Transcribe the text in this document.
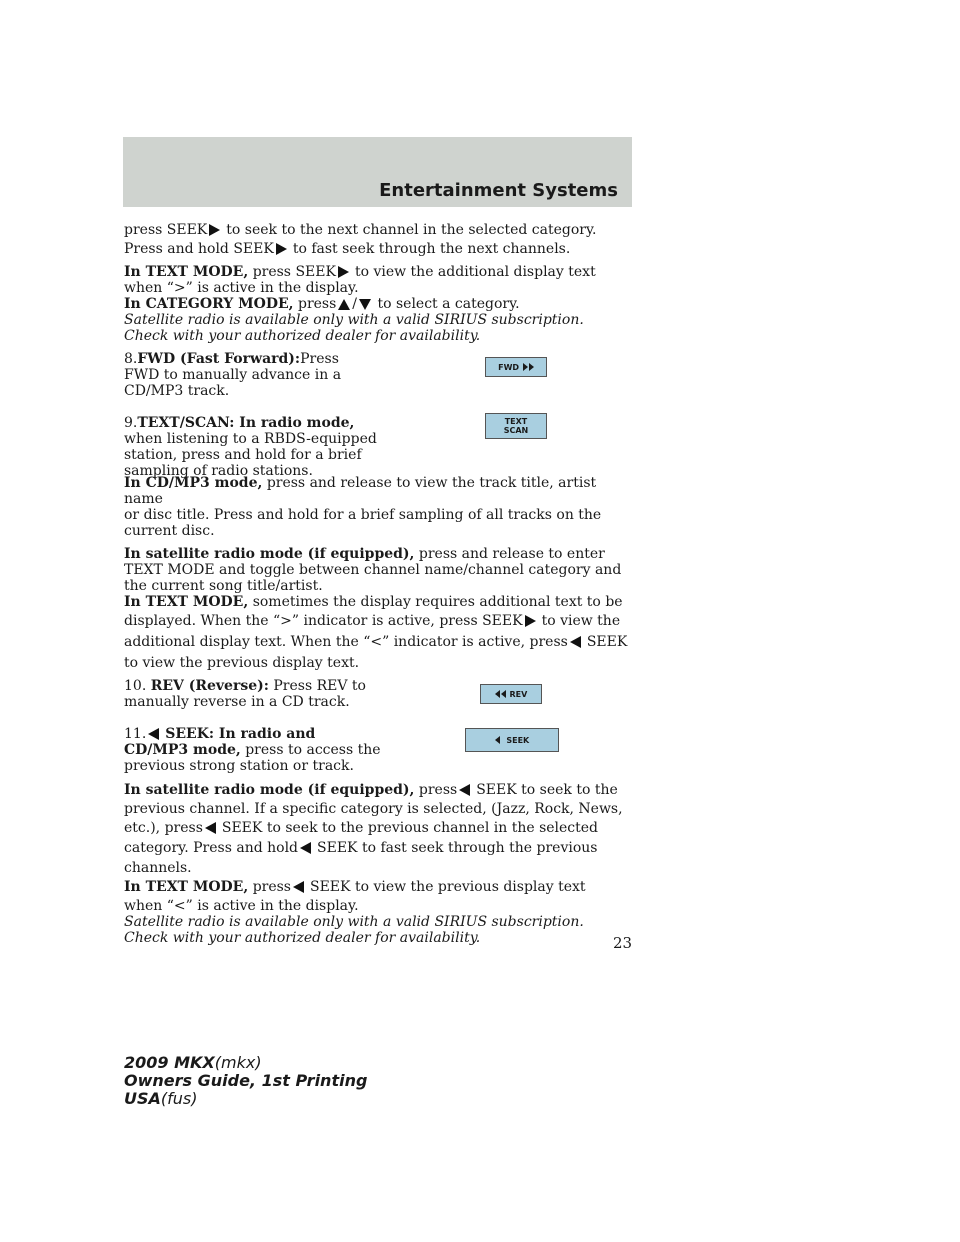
Entertainment Systems

press SEEK to seek to the next channel in the selected category.
Press and hold SEEK to fast seek through the next channels.

In TEXT MODE, press SEEK to view the additional display text
when “>” is active in the display.

In CATEGORY MODE, press / to select a category.

Satellite radio is available only with a valid SIRIUS subscription.
Check with your authorized dealer for availability.

8.FWD (Fast Forward):Press
FWD to manually advance in a
CD/MP3 track.
FWD

9.TEXT/SCAN: In radio mode,
when listening to a RBDS-equipped
station, press and hold for a brief
sampling of radio stations.
TEXT
SCAN

In CD/MP3 mode, press and release to view the track title, artist name
or disc title. Press and hold for a brief sampling of all tracks on the
current disc.

In satellite radio mode (if equipped), press and release to enter
TEXT MODE and toggle between channel name/channel category and
the current song title/artist.

In TEXT MODE, sometimes the display requires additional text to be
displayed. When the “>” indicator is active, press SEEK to view the
additional display text. When the “<” indicator is active, press SEEK
to view the previous display text.

10. REV (Reverse): Press REV to
manually reverse in a CD track.
	REV
11. SEEK: In radio and
CD/MP3 mode, press to access the
previous strong station or track.

SEEK

In satellite radio mode (if equipped), press SEEK to seek to the
previous channel. If a specific category is selected, (Jazz, Rock, News,
etc.), press SEEK to seek to the previous channel in the selected
category. Press and hold SEEK to fast seek through the previous
channels.

In TEXT MODE, press SEEK to view the previous display text
when “<” is active in the display.

Satellite radio is available only with a valid SIRIUS subscription.
Check with your authorized dealer for availability.	23
2009 MKX(mkx)
Owners Guide, 1st Printing
USA(fus)
